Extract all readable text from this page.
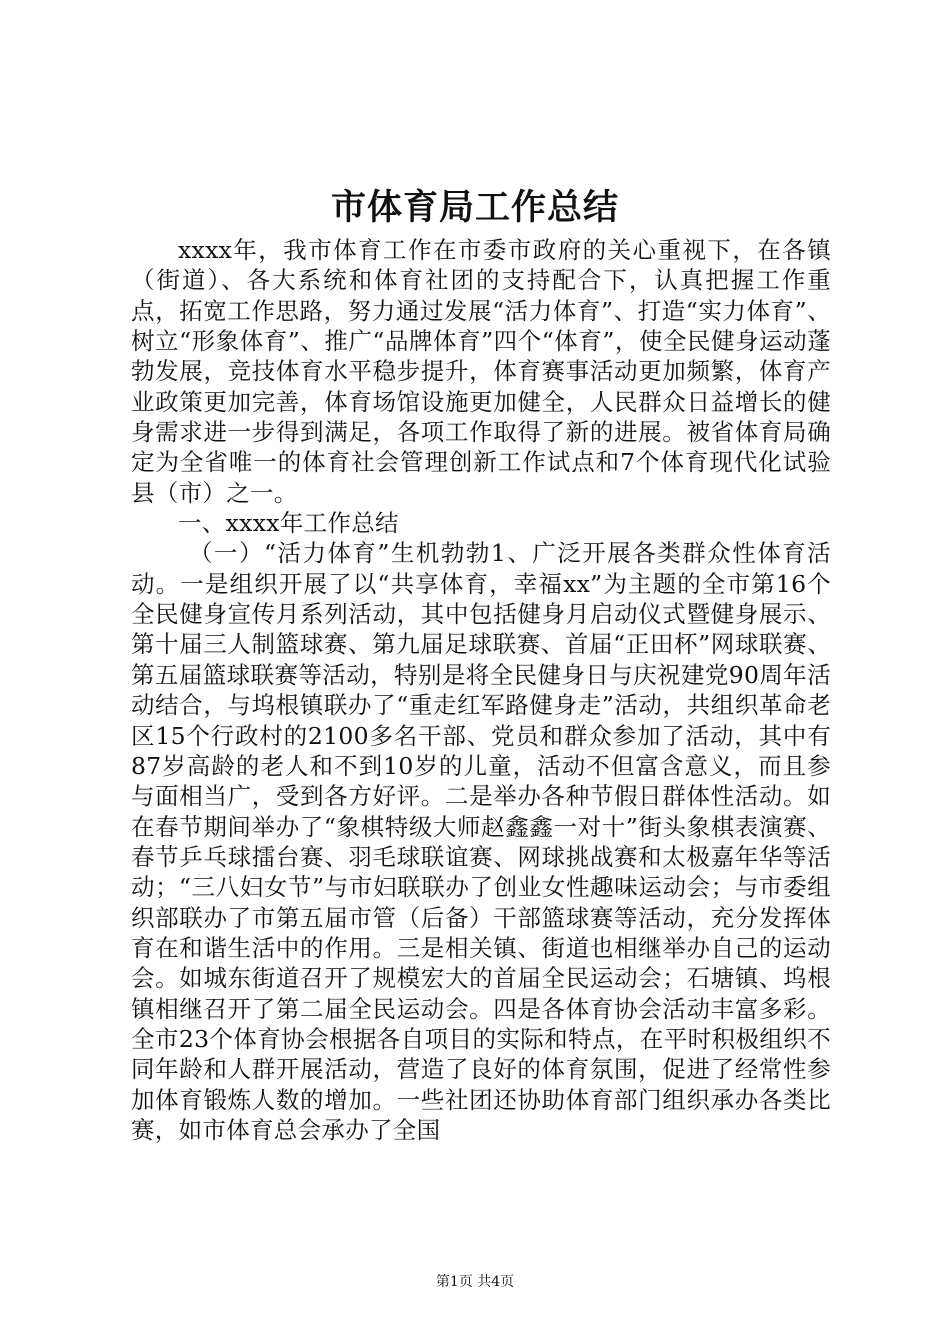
市体育局工作总结

xxxx年，我市体育工作在市委市政府的关心重视下，在各镇（街道）、各大系统和体育社团的支持配合下，认真把握工作重点，拓宽工作思路，努力通过发展“活力体育”、打造“实力体育”、树立“形象体育”、推广“品牌体育”四个“体育”，使全民健身运动蓬勃发展，竞技体育水平稳步提升，体育赛事活动更加频繁，体育产业政策更加完善，体育场馆设施更加健全，人民群众日益增长的健身需求进一步得到满足，各项工作取得了新的进展。被省体育局确定为全省唯一的体育社会管理创新工作试点和7个体育现代化试验县（市）之一。

一、xxxx年工作总结

（一）“活力体育”生机勃勃1、广泛开展各类群众性体育活动。一是组织开展了以“共享体育，幸福xx”为主题的全市第16个全民健身宣传月系列活动，其中包括健身月启动仪式暨健身展示、第十届三人制篮球赛、第九届足球联赛、首届“正田杯”网球联赛、第五届篮球联赛等活动，特别是将全民健身日与庆祝建党90周年活动结合，与坞根镇联办了“重走红军路健身走”活动，共组织革命老区15个行政村的2100多名干部、党员和群众参加了活动，其中有87岁高龄的老人和不到10岁的儿童，活动不但富含意义，而且参与面相当广，受到各方好评。二是举办各种节假日群体性活动。如在春节期间举办了“象棋特级大师赵鑫鑫一对十”街头象棋表演赛、春节乒乓球擂台赛、羽毛球联谊赛、网球挑战赛和太极嘉年华等活动；“三八妇女节”与市妇联联办了创业女性趣味运动会；与市委组织部联办了市第五届市管（后备）干部篮球赛等活动，充分发挥体育在和谐生活中的作用。三是相关镇、街道也相继举办自己的运动会。如城东街道召开了规模宏大的首届全民运动会；石塘镇、坞根镇相继召开了第二届全民运动会。四是各体育协会活动丰富多彩。全市23个体育协会根据各自项目的实际和特点，在平时积极组织不同年龄和人群开展活动，营造了良好的体育氛围，促进了经常性参加体育锻炼人数的增加。一些社团还协助体育部门组织承办各类比赛，如市体育总会承办了全国

第1页 共4页
